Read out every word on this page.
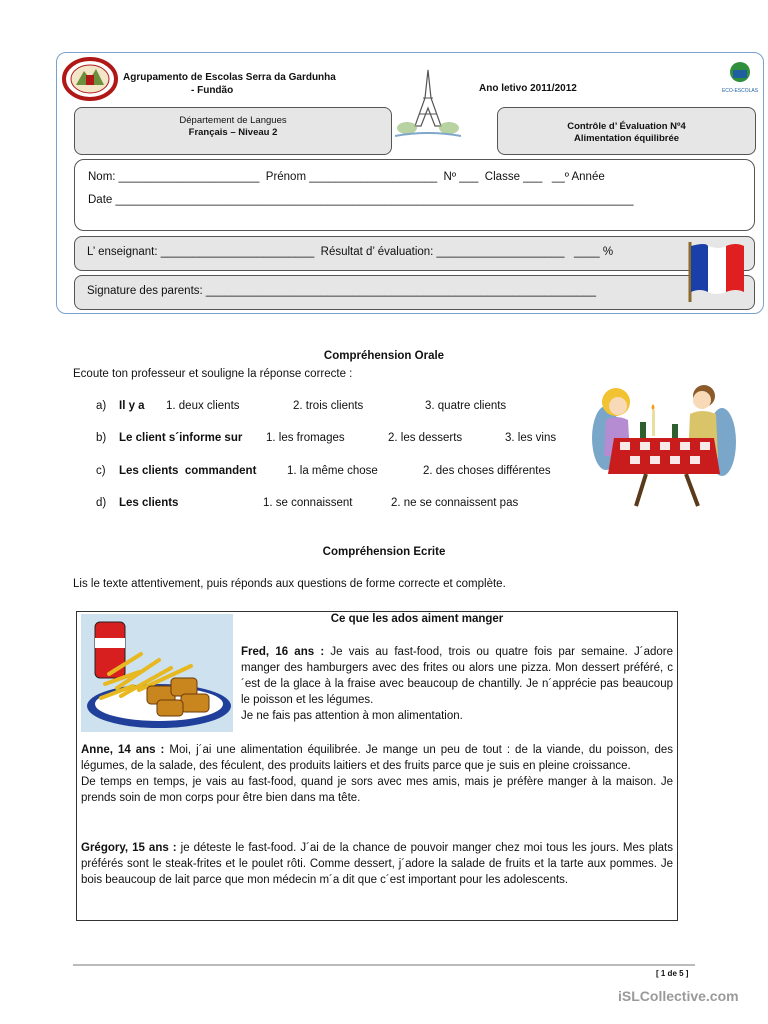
Agrupamento de Escolas Serra da Gardunha
- Fundão	Ano letivo 2011/2012	ECO-ESCOLAS
Département de Langues
Français – Niveau 2
Contrôle d’ Évaluation Nº4
Alimentation équilibrée
Nom: ______________________  Prénom ____________________  Nº ___  Classe ___   __º Année
Date _________________________________________________________________________________
L’ enseignant: ________________________  Résultat d’ évaluation: ____________________   ____ %
Signature des parents: _____________________________________________________________
Compréhension Orale
Ecoute ton professeur et souligne la réponse correcte :
a) Il y a 1. deux clients	2. trois clients	3. quatre clients
b) Le client s´informe sur 1. les fromages	2. les desserts	3. les vins
c) Les clients  commandent	1. la même chose	2. des choses différentes
d) Les clients	1. se connaissent	2. ne se connaissent pas
Compréhension Ecrite
Lis le texte attentivement, puis réponds aux questions de forme correcte et complète.
Ce que les ados aiment manger
Fred, 16 ans : Je vais au fast-food, trois ou quatre fois par semaine. J´adore manger des hamburgers avec des frites ou alors une pizza. Mon dessert préféré, c´est de la glace à la fraise avec beaucoup de chantilly. Je n´apprécie pas beaucoup le poisson et les légumes.
Je ne fais pas attention à mon alimentation.
Anne, 14 ans : Moi, j´ai une alimentation équilibrée. Je mange un peu de tout : de la viande, du poisson, des légumes, de la salade, des féculent, des produits laitiers et des fruits parce que je suis en pleine croissance.
De temps en temps, je vais au fast-food, quand je sors avec mes amis, mais je préfère manger à la maison. Je prends soin de mon corps pour être bien dans ma tête.
Grégory, 15 ans : je déteste le fast-food. J´ai de la chance de pouvoir manger chez moi tous les jours. Mes plats préférés sont le steak-frites et le poulet rôti. Comme dessert, j´adore la salade de fruits et la tarte aux pommes. Je bois beaucoup de lait parce que mon médecin m´a dit que c´est important pour les adolescents.
[ 1 de 5 ]
iSLCollective.com
